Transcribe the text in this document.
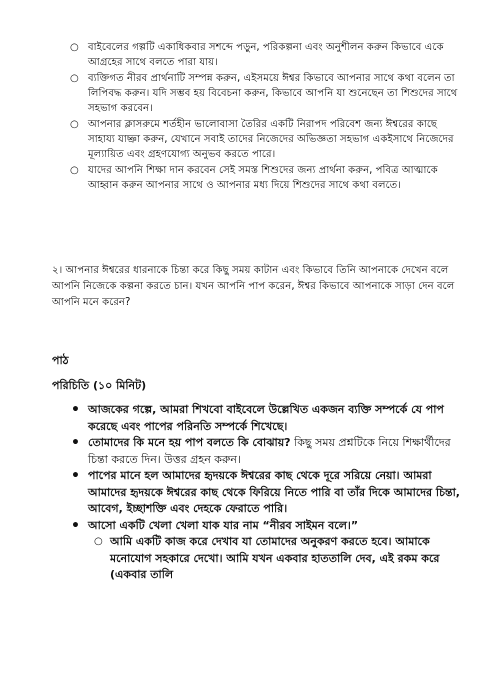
○ বাইবেলের গল্পটি একাধিকবার সশব্দে পড়ুন, পরিকল্পনা এবং অনুশীলন করুন কিভাবে একে আগ্রহের সাথে বলতে পারা যায়।
○ ব্যক্তিগত নীরব প্রার্থনাটি সম্পন্ন করুন, এইসময়ে ঈশ্বর কিভাবে আপনার সাথে কথা বলেন তা লিপিবদ্ধ করুন। যদি সম্ভব হয় বিবেচনা করুন, কিভাবে আপনি যা শুনেছেন তা শিশুদের সাথে সহভাগ করবেন।
○ আপনার ক্লাসরুমে শর্তহীন ভালোবাসা তৈরির একটি নিরাপদ পরিবেশ জন্য ঈশ্বরের কাছে সাহায্য যাচ্ঞা করুন, যেখানে সবাই তাদের নিজেদের অভিজ্ঞতা সহভাগ একইসাথে নিজেদের মূল্যায়িত এবং গ্রহণযোগ্য অনুভব করতে পারে।
○ যাদের আপনি শিক্ষা দান করবেন সেই সমস্ত শিশুদের জন্য প্রার্থনা করুন, পবিত্র আত্মাকে আহ্বান করুন আপনার সাথে ও আপনার মধ্য দিয়ে শিশুদের সাথে কথা বলতে।

২। আপনার ঈশ্বরের ধারনাকে চিন্তা করে কিছু সময় কাটান এবং কিভাবে তিনি আপনাকে দেখেন বলে আপনি নিজেকে কল্পনা করতে চান। যখন আপনি পাপ করেন, ঈশ্বর কিভাবে আপনাকে সাড়া দেন বলে আপনি মনে করেন?

পাঠ

পরিচিতি (১০ মিনিট)

• আজকের গল্পে, আমরা শিখবো বাইবেলে উল্লেখিত একজন ব্যক্তি সম্পর্কে যে পাপ করেছে এবং পাপের পরিনতি সম্পর্কে শিখেছে।
• তোমাদের কি মনে হয় পাপ বলতে কি বোঝায়? কিছু সময় প্রশ্নটিকে নিয়ে শিক্ষার্থীদের চিন্তা করতে দিন। উত্তর গ্রহন করুন।
• পাপের মানে হল আমাদের হৃদয়কে ঈশ্বরের কাছ থেকে দূরে সরিয়ে নেয়া। আমরা আমাদের হৃদয়কে ঈশ্বরের কাছ থেকে ফিরিয়ে নিতে পারি বা তাঁর দিকে আমাদের চিন্তা, আবেগ, ইচ্ছাশক্তি এবং দেহকে ফেরাতে পারি।
• আসো একটি খেলা খেলা যাক যার নাম “নীরব সাইমন বলে।”
○ আমি একটি কাজ করে দেখাব যা তোমাদের অনুকরণ করতে হবে। আমাকে মনোযোগ সহকারে দেখো। আমি যখন একবার হাততালি দেব, এই রকম করে (একবার তালি
